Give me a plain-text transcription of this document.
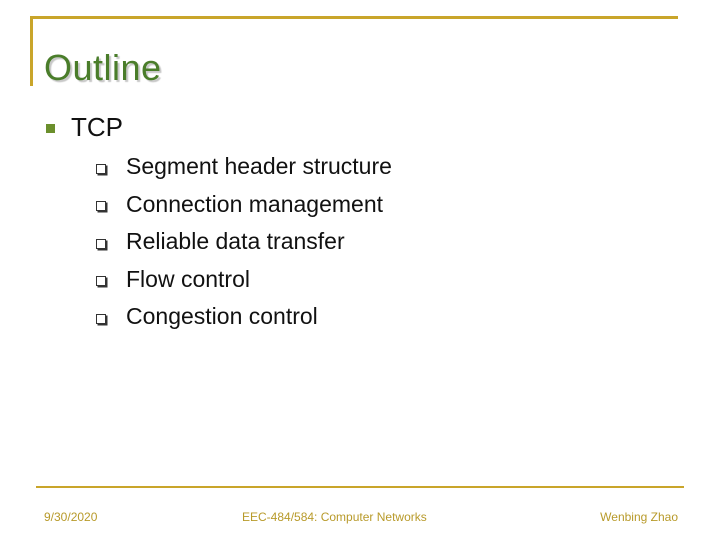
Outline
TCP
Segment header structure
Connection management
Reliable data transfer
Flow control
Congestion control
9/30/2020	EEC-484/584: Computer Networks	Wenbing Zhao
